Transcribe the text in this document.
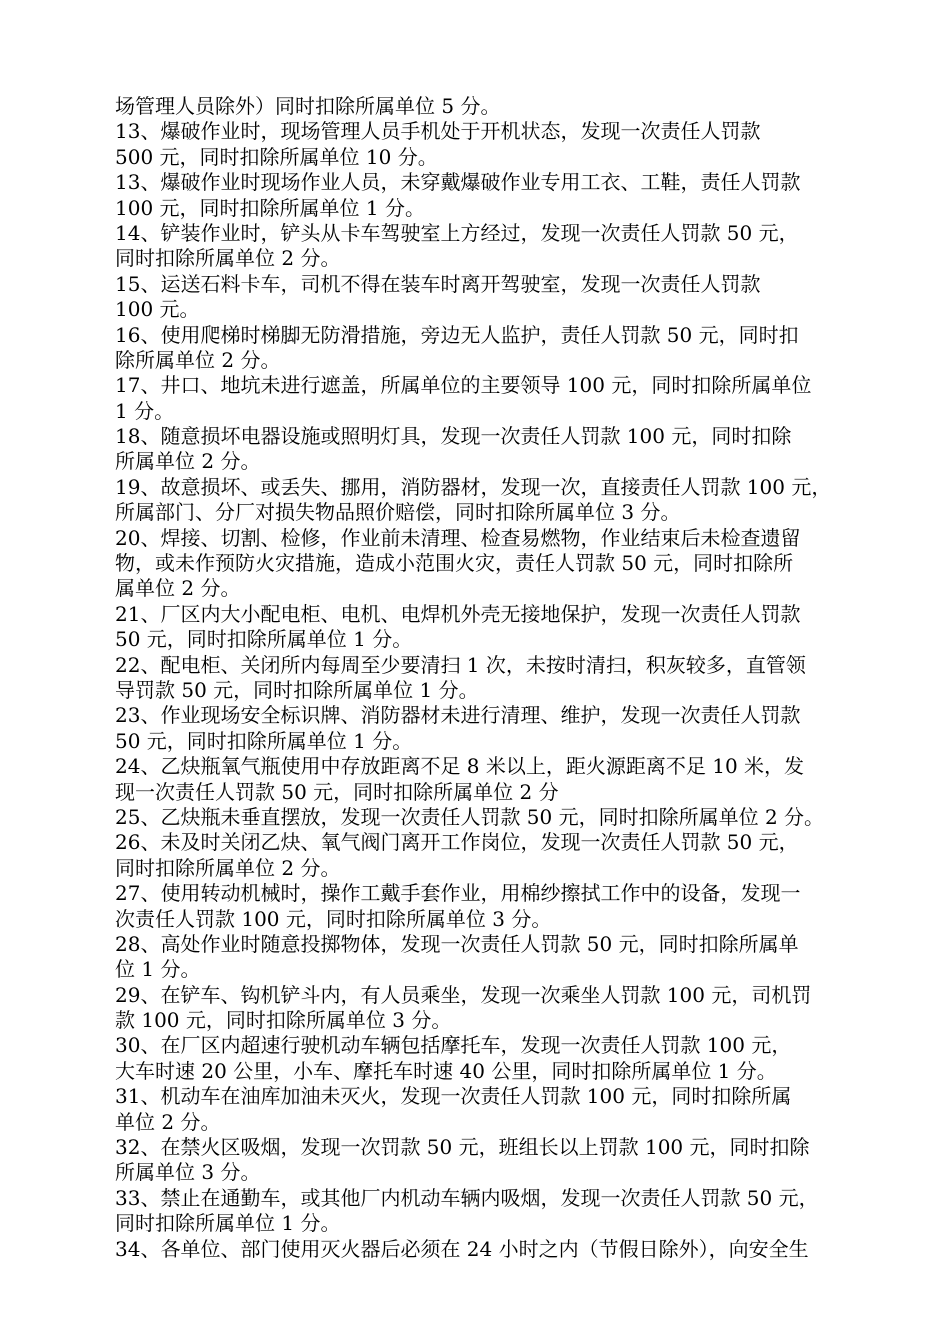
场管理人员除外）同时扣除所属单位 5 分。
13、爆破作业时，现场管理人员手机处于开机状态，发现一次责任人罚款
500 元，同时扣除所属单位 10 分。
13、爆破作业时现场作业人员，未穿戴爆破作业专用工衣、工鞋，责任人罚款
100 元，同时扣除所属单位 1 分。
14、铲装作业时，铲头从卡车驾驶室上方经过，发现一次责任人罚款 50 元，
同时扣除所属单位 2 分。
15、运送石料卡车，司机不得在装车时离开驾驶室，发现一次责任人罚款
100 元。
16、使用爬梯时梯脚无防滑措施，旁边无人监护，责任人罚款 50 元，同时扣
除所属单位 2 分。
17、井口、地坑未进行遮盖，所属单位的主要领导 100 元，同时扣除所属单位
1 分。
18、随意损坏电器设施或照明灯具，发现一次责任人罚款 100 元，同时扣除
所属单位 2 分。
19、故意损坏、或丢失、挪用，消防器材，发现一次，直接责任人罚款 100 元，
所属部门、分厂对损失物品照价赔偿，同时扣除所属单位 3 分。
20、焊接、切割、检修，作业前未清理、检查易燃物，作业结束后未检查遗留
物，或未作预防火灾措施，造成小范围火灾，责任人罚款 50 元，同时扣除所
属单位 2 分。
21、厂区内大小配电柜、电机、电焊机外壳无接地保护，发现一次责任人罚款
50 元，同时扣除所属单位 1 分。
22、配电柜、关闭所内每周至少要清扫 1 次，未按时清扫，积灰较多，直管领
导罚款 50 元，同时扣除所属单位 1 分。
23、作业现场安全标识牌、消防器材未进行清理、维护，发现一次责任人罚款
50 元，同时扣除所属单位 1 分。
24、乙炔瓶氧气瓶使用中存放距离不足 8 米以上，距火源距离不足 10 米，发
现一次责任人罚款 50 元，同时扣除所属单位 2 分
25、乙炔瓶未垂直摆放，发现一次责任人罚款 50 元，同时扣除所属单位 2 分。
26、未及时关闭乙炔、氧气阀门离开工作岗位，发现一次责任人罚款 50 元，
同时扣除所属单位 2 分。
27、使用转动机械时，操作工戴手套作业，用棉纱擦拭工作中的设备，发现一
次责任人罚款 100 元，同时扣除所属单位 3 分。
28、高处作业时随意投掷物体，发现一次责任人罚款 50 元，同时扣除所属单
位 1 分。
29、在铲车、钩机铲斗内，有人员乘坐，发现一次乘坐人罚款 100 元，司机罚
款 100 元，同时扣除所属单位 3 分。
30、在厂区内超速行驶机动车辆包括摩托车，发现一次责任人罚款 100 元，
大车时速 20 公里，小车、摩托车时速 40 公里，同时扣除所属单位 1 分。
31、机动车在油库加油未灭火，发现一次责任人罚款 100 元，同时扣除所属
单位 2 分。
32、在禁火区吸烟，发现一次罚款 50 元，班组长以上罚款 100 元，同时扣除
所属单位 3 分。
33、禁止在通勤车，或其他厂内机动车辆内吸烟，发现一次责任人罚款 50 元，
同时扣除所属单位 1 分。
34、各单位、部门使用灭火器后必须在 24 小时之内（节假日除外），向安全生
